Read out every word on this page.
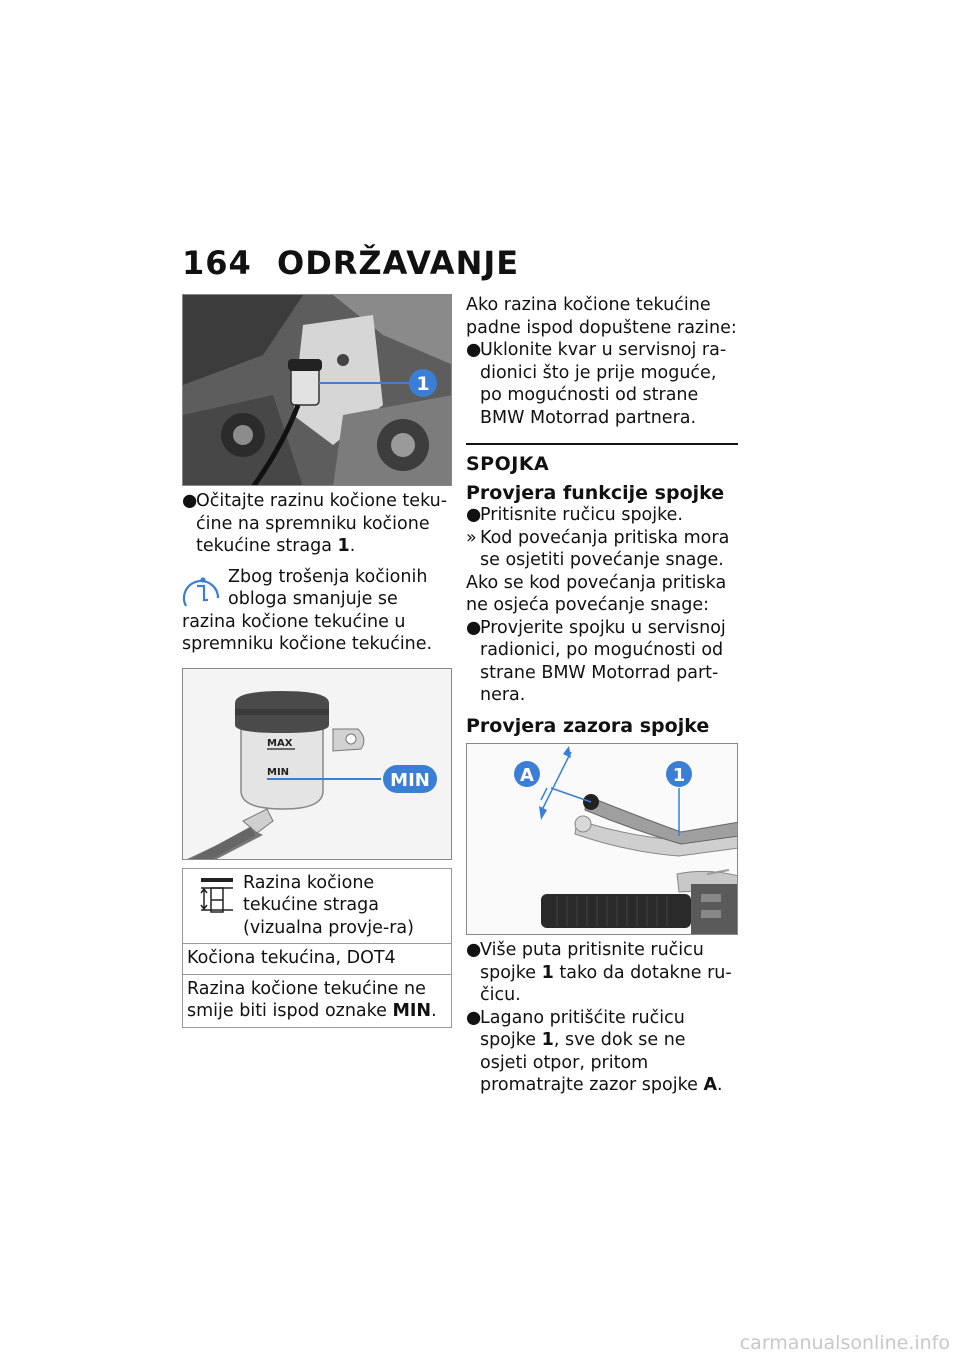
164 ODRŽAVANJE
1
●
Očitajte razinu kočione teku-ćine na spremniku kočione tekućine straga 1.
Zbog trošenja kočionih obloga smanjuje se razina kočione tekućine u spremniku kočione tekućine.
MAX
MIN	MIN
Razina kočione tekućine straga (vizualna provje-ra)
Kočiona tekućina, DOT4
Razina kočione tekućine ne smije biti ispod oznake MIN.
Ako razina kočione tekućine padne ispod dopuštene razine:
●
Uklonite kvar u servisnoj ra-dionici što je prije moguće, po mogućnosti od strane BMW Motorrad partnera.
SPOJKA
Provjera funkcije spojke
●
Pritisnite ručicu spojke.
» Kod povećanja pritiska mora se osjetiti povećanje snage.
Ako se kod povećanja pritiska ne osjeća povećanje snage:
●
Provjerite spojku u servisnoj radionici, po mogućnosti od strane BMW Motorrad part-nera.
Provjera zazora spojke
A	1
●
Više puta pritisnite ručicu spojke 1 tako da dotakne ru-čicu.
●
Lagano pritišćite ručicu spojke 1, sve dok se ne osjeti otpor, pritom promatrajte zazor spojke A.
carmanualsonline.info
